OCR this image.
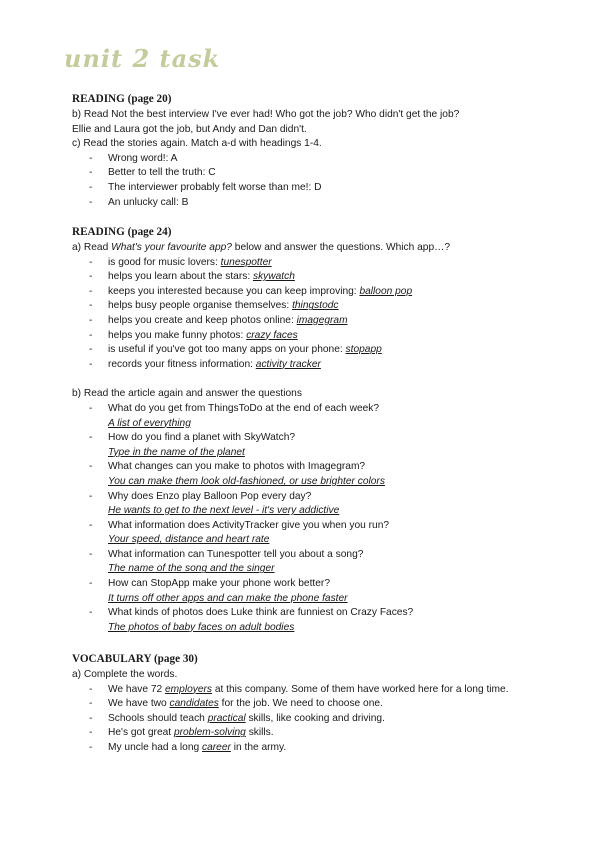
unit 2 task
READING (page 20)
b) Read Not the best interview I've ever had! Who got the job? Who didn't get the job?
Ellie and Laura got the job, but Andy and Dan didn't.
c) Read the stories again. Match a-d with headings 1-4.
- Wrong word!: A
- Better to tell the truth: C
- The interviewer probably felt worse than me!: D
- An unlucky call: B
READING (page 24)
a) Read What's your favourite app? below and answer the questions. Which app…?
- is good for music lovers: tunespotter
- helps you learn about the stars: skywatch
- keeps you interested because you can keep improving: balloon pop
- helps busy people organise themselves: thingstodc
- helps you create and keep photos online: imagegram
- helps you make funny photos: crazy faces
- is useful if you've got too many apps on your phone: stopapp
- records your fitness information: activity tracker
b) Read the article again and answer the questions
- What do you get from ThingsToDo at the end of each week?
A list of everything
- How do you find a planet with SkyWatch?
Type in the name of the planet
- What changes can you make to photos with Imagegram?
You can make them look old-fashioned, or use brighter colors
- Why does Enzo play Balloon Pop every day?
He wants to get to the next level - it's very addictive
- What information does ActivityTracker give you when you run?
Your speed, distance and heart rate
- What information can Tunespotter tell you about a song?
The name of the song and the singer
- How can StopApp make your phone work better?
It turns off other apps and can make the phone faster
- What kinds of photos does Luke think are funniest on Crazy Faces?
The photos of baby faces on adult bodies
VOCABULARY (page 30)
a) Complete the words.
- We have 72 employers at this company. Some of them have worked here for a long time.
- We have two candidates for the job. We need to choose one.
- Schools should teach practical skills, like cooking and driving.
- He's got great problem-solving skills.
- My uncle had a long career in the army.
